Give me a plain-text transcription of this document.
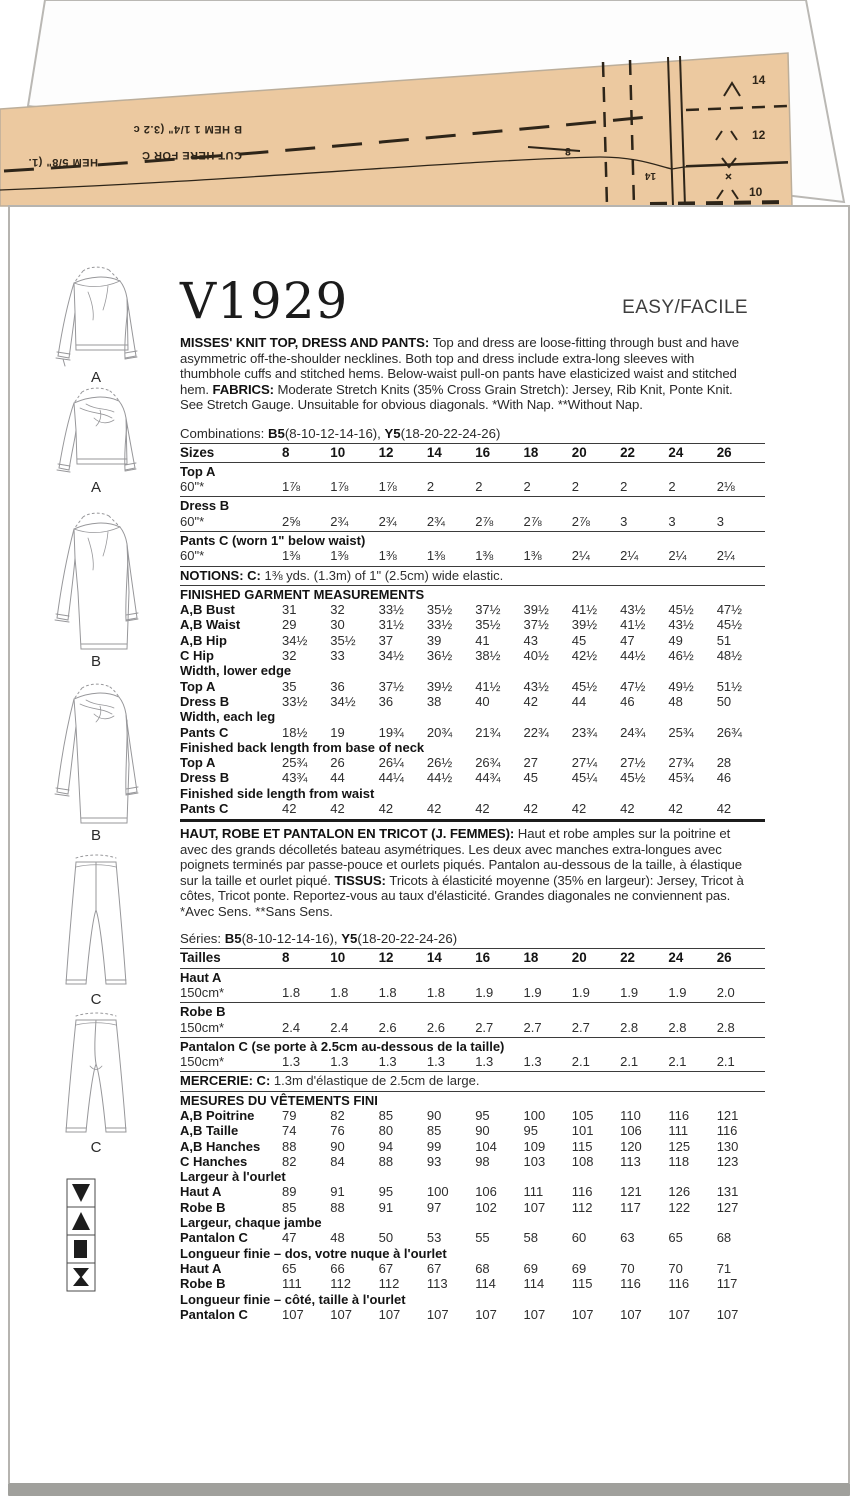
B HEM 1 1/4" (3.2 c
HEM 5/8" (1.
CUT HERE FOR C	8
14
14
12
10
A
A
B
B
C
C
V1929	EASY/FACILE

MISSES' KNIT TOP, DRESS AND PANTS: Top and dress are loose-fitting through bust and have asymmetric off-the-shoulder necklines. Both top and dress include extra-long sleeves with thumbhole cuffs and stitched hems. Below-waist pull-on pants have elasticized waist and stitched hem. FABRICS: Moderate Stretch Knits (35% Cross Grain Stretch): Jersey, Rib Knit, Ponte Knit. See Stretch Gauge. Unsuitable for obvious diagonals. *With Nap. **Without Nap.

Combinations: B5(8-10-12-14-16), Y5(18-20-22-24-26)

Sizes	8	10	12	14	16	18	20	22	24	26
Top A
60"*	1⅞	1⅞	1⅞	2	2	2	2	2	2	2⅛
Dress B
60"*	2⅝	2¾	2¾	2¾	2⅞	2⅞	2⅞	3	3	3
Pants C (worn 1" below waist)
60"*	1⅜	1⅜	1⅜	1⅜	1⅜	1⅜	2¼	2¼	2¼	2¼
NOTIONS: C: 1⅜ yds. (1.3m) of 1" (2.5cm) wide elastic.
FINISHED GARMENT MEASUREMENTS
A,B Bust	31	32	33½	35½	37½	39½	41½	43½	45½	47½
A,B Waist	29	30	31½	33½	35½	37½	39½	41½	43½	45½
A,B Hip	34½	35½	37	39	41	43	45	47	49	51
C Hip	32	33	34½	36½	38½	40½	42½	44½	46½	48½
Width, lower edge
Top A	35	36	37½	39½	41½	43½	45½	47½	49½	51½
Dress B	33½	34½	36	38	40	42	44	46	48	50
Width, each leg
Pants C	18½	19	19¾	20¾	21¾	22¾	23¾	24¾	25¾	26¾
Finished back length from base of neck
Top A	25¾	26	26¼	26½	26¾	27	27¼	27½	27¾	28
Dress B	43¾	44	44¼	44½	44¾	45	45¼	45½	45¾	46
Finished side length from waist
Pants C	42	42	42	42	42	42	42	42	42	42

HAUT, ROBE ET PANTALON EN TRICOT (J. FEMMES): Haut et robe amples sur la poitrine et avec des grands décolletés bateau asymétriques. Les deux avec manches extra-longues avec poignets terminés par passe-pouce et ourlets piqués. Pantalon au-dessous de la taille, à élastique sur la taille et ourlet piqué. TISSUS: Tricots à élasticité moyenne (35% en largeur): Jersey, Tricot à côtes, Tricot ponte. Reportez-vous au taux d'élasticité. Grandes diagonales ne conviennent pas.

*Avec Sens. **Sans Sens.

Séries: B5(8-10-12-14-16), Y5(18-20-22-24-26)

Tailles	8	10	12	14	16	18	20	22	24	26
Haut A
150cm*	1.8	1.8	1.8	1.8	1.9	1.9	1.9	1.9	1.9	2.0
Robe B
150cm*	2.4	2.4	2.6	2.6	2.7	2.7	2.7	2.8	2.8	2.8
Pantalon C (se porte à 2.5cm au-dessous de la taille)
150cm*	1.3	1.3	1.3	1.3	1.3	1.3	2.1	2.1	2.1	2.1
MERCERIE: C: 1.3m d'élastique de 2.5cm de large.
MESURES DU VÊTEMENTS FINI
A,B Poitrine	79	82	85	90	95	100	105	110	116	121
A,B Taille	74	76	80	85	90	95	101	106	111	116
A,B Hanches	88	90	94	99	104	109	115	120	125	130
C Hanches	82	84	88	93	98	103	108	113	118	123
Largeur à l'ourlet
Haut A	89	91	95	100	106	111	116	121	126	131
Robe B	85	88	91	97	102	107	112	117	122	127
Largeur, chaque jambe
Pantalon C	47	48	50	53	55	58	60	63	65	68
Longueur finie – dos, votre nuque à l'ourlet
Haut A	65	66	67	67	68	69	69	70	70	71
Robe B	111	112	112	113	114	114	115	116	116	117
Longueur finie – côté, taille à l'ourlet
Pantalon C	107	107	107	107	107	107	107	107	107	107
